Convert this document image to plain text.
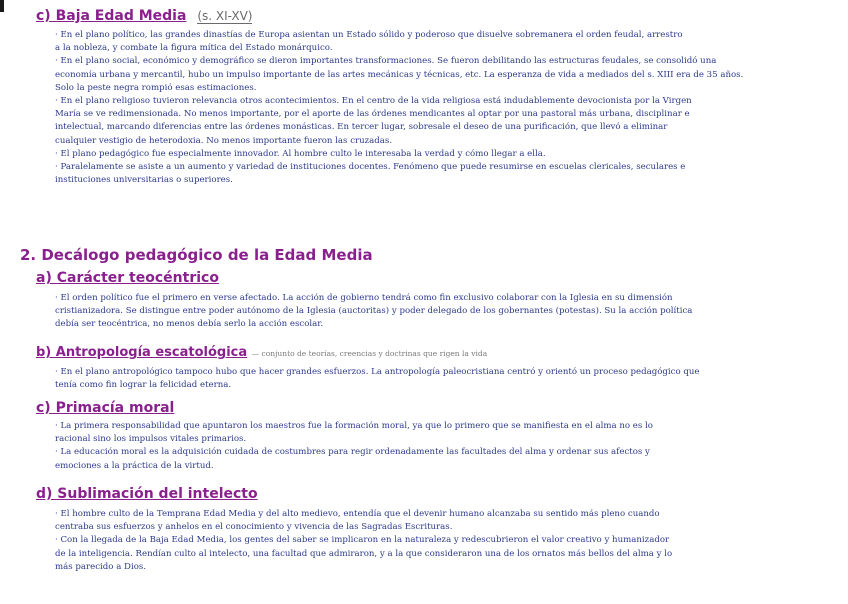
c) Baja Edad Media (s. XI-XV)
· En el plano político, las grandes dinastías de Europa asientan un Estado sólido y poderoso que disuelve sobremanera el orden feudal, arrestro
a la nobleza, y combate la figura mítica del Estado monárquico.
· En el plano social, económico y demográfico se dieron importantes transformaciones. Se fueron debilitando las estructuras feudales, se consolidó una
economía urbana y mercantil, hubo un impulso importante de las artes mecánicas y técnicas, etc. La esperanza de vida a mediados del s. XIII era de 35 años.
Solo la peste negra rompió esas estimaciones.
· En el plano religioso tuvieron relevancia otros acontecimientos. En el centro de la vida religiosa está indudablemente devocionista por la Virgen
María se ve redimensionada. No menos importante, por el aporte de las órdenes mendicantes al optar por una pastoral más urbana, disciplinar e
intelectual, marcando diferencias entre las órdenes monásticas. En tercer lugar, sobresale el deseo de una purificación, que llevó a eliminar
cualquier vestigio de heterodoxia. No menos importante fueron las cruzadas.
· El plano pedagógico fue especialmente innovador. Al hombre culto le interesaba la verdad y cómo llegar a ella.
· Paralelamente se asiste a un aumento y variedad de instituciones docentes. Fenómeno que puede resumirse en escuelas clericales, seculares e
instituciones universitarias o superiores.
2. Decálogo pedagógico de la Edad Media
a) Carácter teocéntrico
· El orden político fue el primero en verse afectado. La acción de gobierno tendrá como fin exclusivo colaborar con la Iglesia en su dimensión
cristianizadora. Se distingue entre poder autónomo de la Iglesia (auctoritas) y poder delegado de los gobernantes (potestas). Su la acción política
debía ser teocéntrica, no menos debía serlo la acción escolar.
b) Antropología escatológica — conjunto de teorías, creencias y doctrinas que rigen la vida
· En el plano antropológico tampoco hubo que hacer grandes esfuerzos. La antropología paleocristiana centró y orientó un proceso pedagógico que
tenía como fin lograr la felicidad eterna.
c) Primacía moral
· La primera responsabilidad que apuntaron los maestros fue la formación moral, ya que lo primero que se manifiesta en el alma no es lo
racional sino los impulsos vitales primarios.
· La educación moral es la adquisición cuidada de costumbres para regir ordenadamente las facultades del alma y ordenar sus afectos y
emociones a la práctica de la virtud.
d) Sublimación del intelecto
· El hombre culto de la Temprana Edad Media y del alto medievo, entendía que el devenir humano alcanzaba su sentido más pleno cuando
centraba sus esfuerzos y anhelos en el conocimiento y vivencia de las Sagradas Escrituras.
· Con la llegada de la Baja Edad Media, los gentes del saber se implicaron en la naturaleza y redescubrieron el valor creativo y humanizador
de la inteligencia. Rendían culto al intelecto, una facultad que admiraron, y a la que consideraron una de los ornatos más bellos del alma y lo
más parecido a Dios.
